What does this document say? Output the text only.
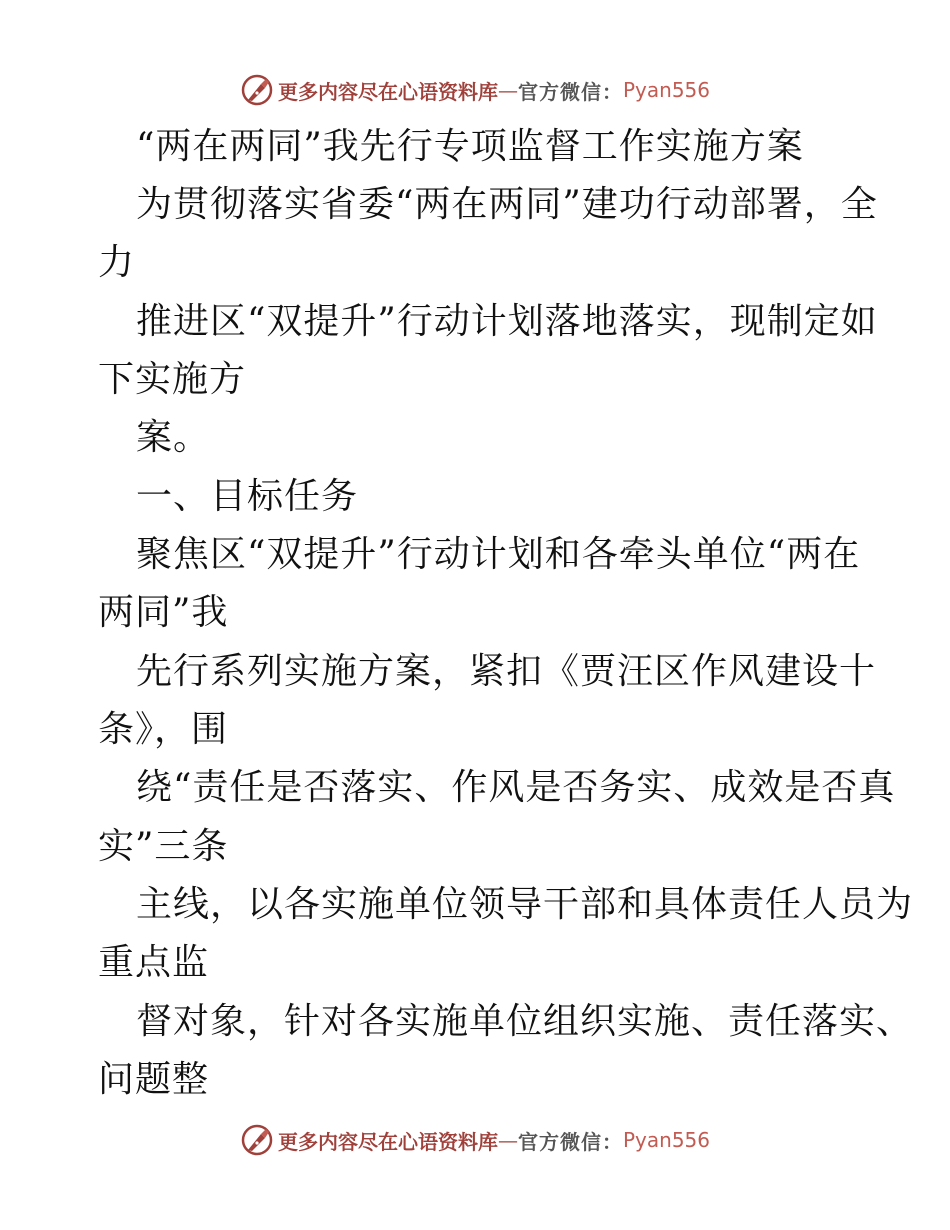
更多内容尽在心语资料库 — 官方微信： Pyan556
“两在两同”我先行专项监督工作实施方案
为贯彻落实省委“两在两同”建功行动部署，全
力
推进区“双提升”行动计划落地落实，现制定如
下实施方
案。
一、目标任务
聚焦区“双提升”行动计划和各牵头单位“两在
两同”我
先行系列实施方案，紧扣《贾汪区作风建设十
条》，围
绕“责任是否落实、作风是否务实、成效是否真
实”三条
主线，以各实施单位领导干部和具体责任人员为
重点监
督对象，针对各实施单位组织实施、责任落实、
问题整
更多内容尽在心语资料库 — 官方微信： Pyan556
